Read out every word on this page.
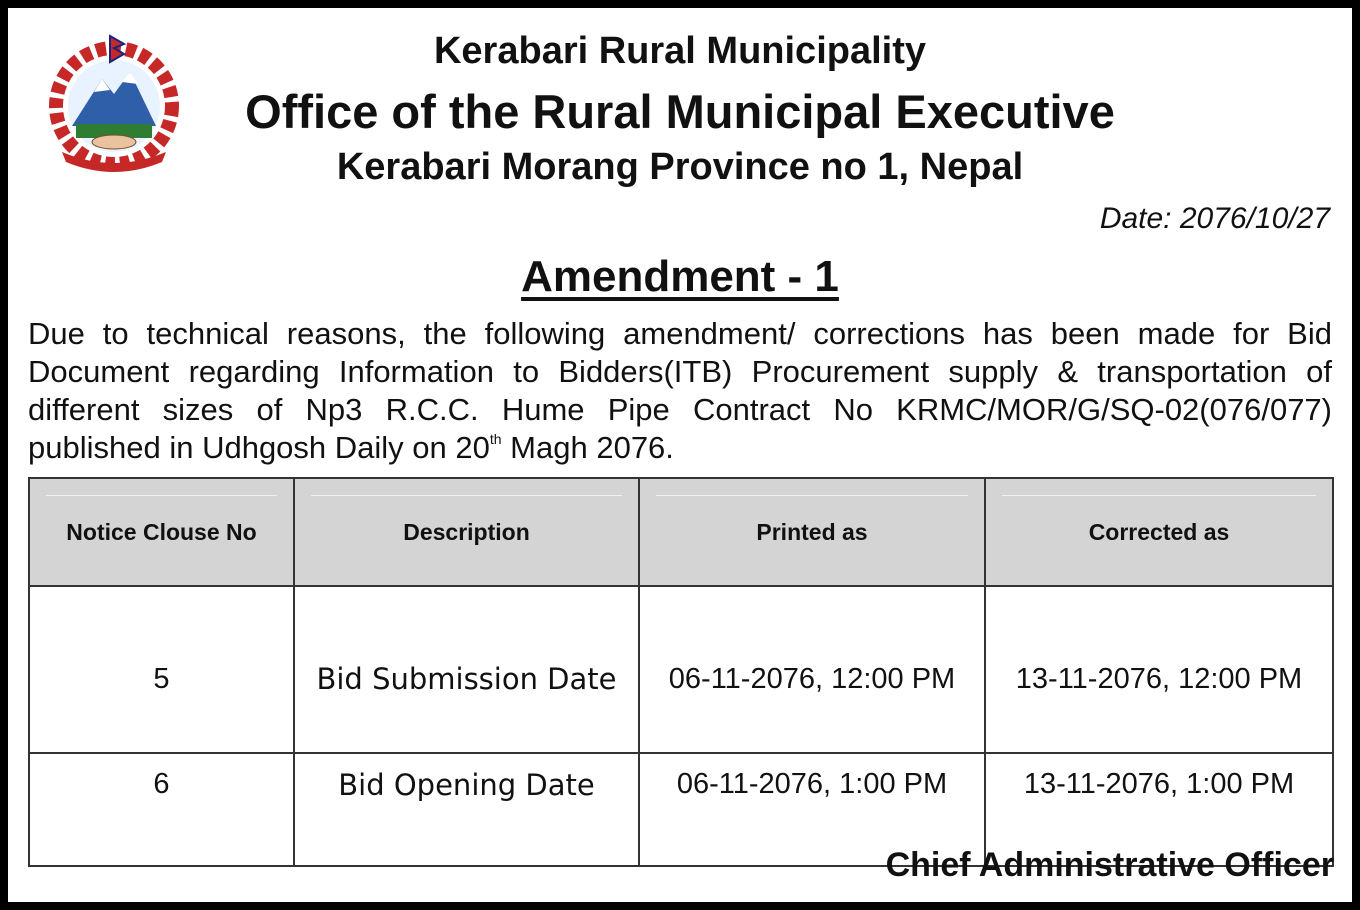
Kerabari Rural Municipality
Office of the Rural Municipal Executive
Kerabari Morang Province no 1, Nepal
Date: 2076/10/27
Amendment - 1
Due to technical reasons, the following amendment/ corrections has been made for Bid Document regarding Information to Bidders(ITB) Procurement supply & transportation of different sizes of Np3 R.C.C. Hume Pipe Contract No KRMC/MOR/G/SQ-02(076/077) published in Udhgosh Daily on 20th Magh 2076.
Notice Clouse No	Description	Printed as	Corrected as
5	Bid Submission Date	06-11-2076, 12:00 PM	13-11-2076, 12:00 PM
6	Bid Opening Date	06-11-2076, 1:00 PM	13-11-2076, 1:00 PM
Chief Administrative Officer
